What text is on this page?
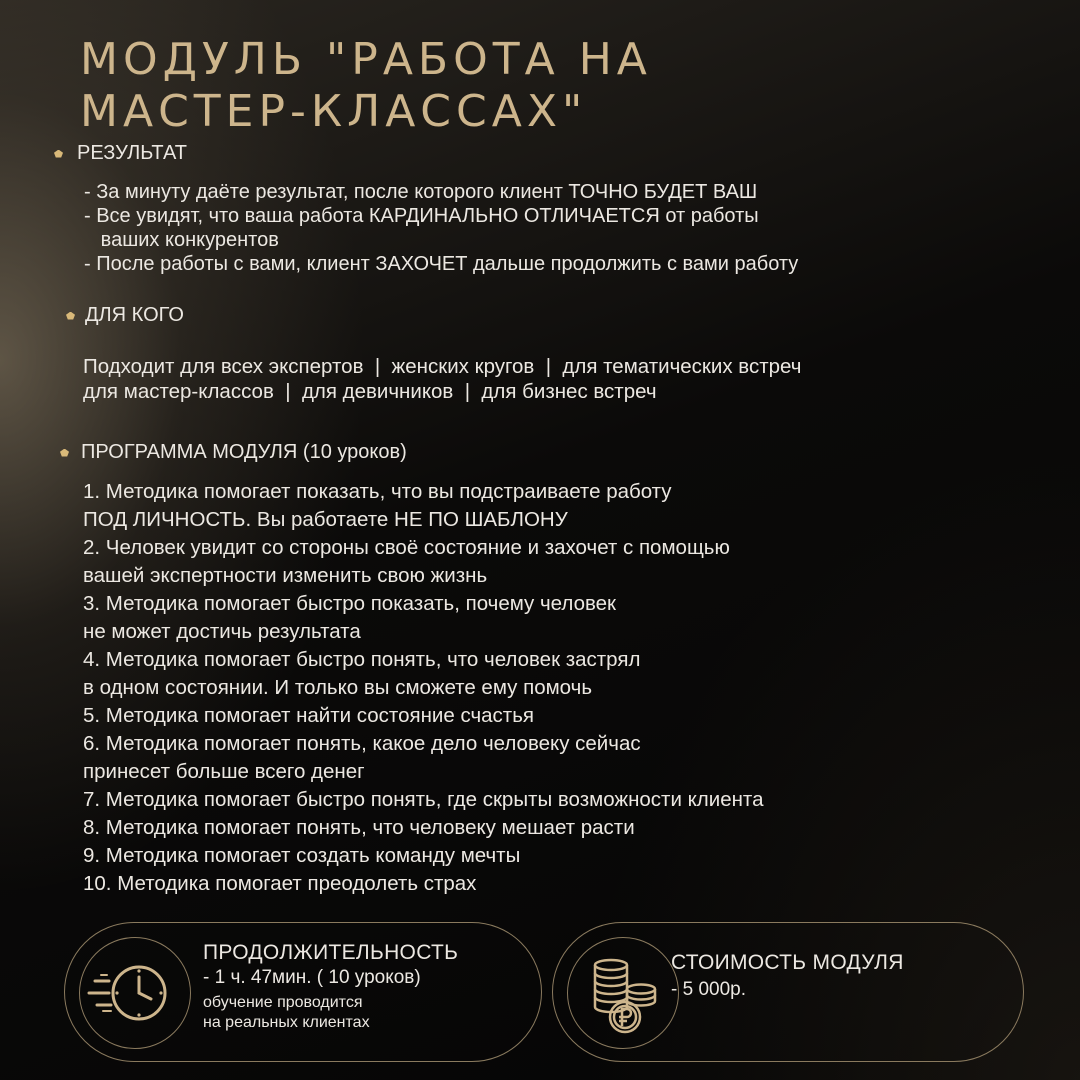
МОДУЛЬ "РАБОТА НА
МАСТЕР-КЛАССАХ"
РЕЗУЛЬТАТ
- За минуту даёте результат, после которого клиент ТОЧНО БУДЕТ ВАШ
- Все увидят, что ваша работа КАРДИНАЛЬНО ОТЛИЧАЕТСЯ от работы
ваших конкурентов
- После работы с вами, клиент ЗАХОЧЕТ дальше продолжить с вами работу
ДЛЯ КОГО
Подходит для всех экспертов  |  женских кругов  |  для тематических встреч
для мастер-классов  |  для девичников  |  для бизнес встреч
ПРОГРАММА МОДУЛЯ (10 уроков)
1. Методика помогает показать, что вы подстраиваете работу
ПОД ЛИЧНОСТЬ. Вы работаете НЕ ПО ШАБЛОНУ
2. Человек увидит со стороны своё состояние и захочет с помощью
вашей экспертности изменить свою жизнь
3. Методика помогает быстро показать, почему человек
не может достичь результата
4. Методика помогает быстро понять, что человек застрял
в одном состоянии. И только вы сможете ему помочь
5. Методика помогает найти состояние счастья
6. Методика помогает понять, какое дело человеку сейчас
принесет больше всего денег
7. Методика помогает быстро понять, где скрыты возможности клиента
8. Методика помогает понять, что человеку мешает расти
9. Методика помогает создать команду мечты
10. Методика помогает преодолеть страх
ПРОДОЛЖИТЕЛЬНОСТЬ
- 1 ч. 47мин. ( 10 уроков)
обучение проводится
на реальных клиентах
СТОИМОСТЬ МОДУЛЯ
- 5 000р.
